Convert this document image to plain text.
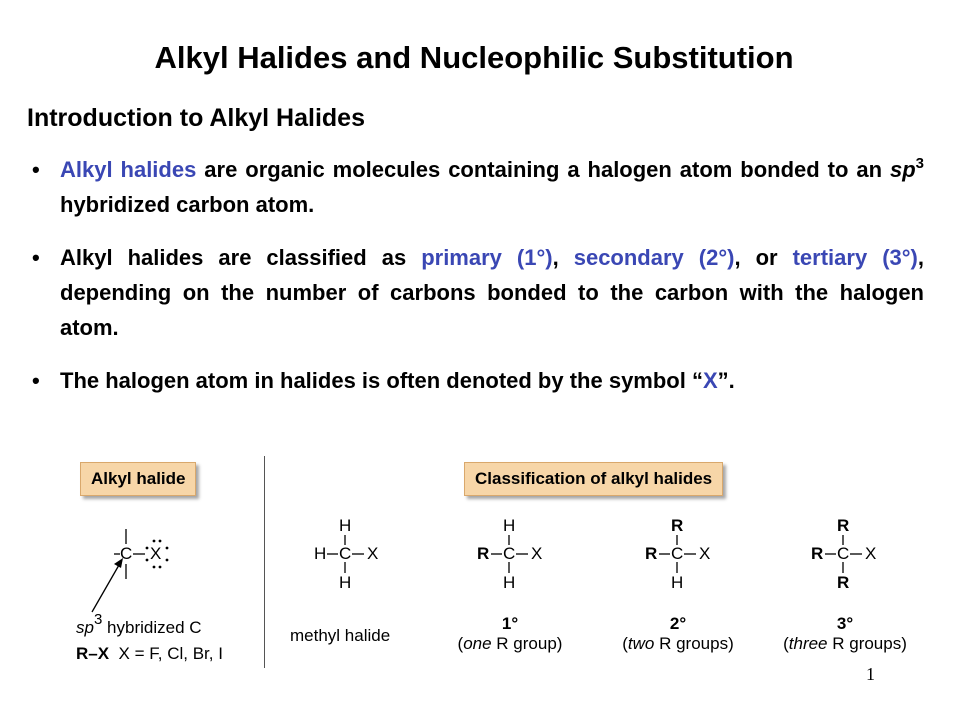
Alkyl Halides and Nucleophilic Substitution
Introduction to Alkyl Halides
• Alkyl halides are organic molecules containing a halogen atom bonded to an $sp^3$ hybridized carbon atom.
• Alkyl halides are classified as primary (1°), secondary (2°), or tertiary (3°), depending on the number of carbons bonded to the carbon with the halogen atom.
• The halogen atom in halides is often denoted by the symbol “X”.
Alkyl halide	Classification of alkyl halides
C X
H
H C X
H
H
R C X
H
R
R C X
H
R
R C X
R
$sp^3$ hybridized C
R–X X = F, Cl, Br, I
methyl halide
1°
(one R group)
2°
(two R groups)
3°
(three R groups)
1
